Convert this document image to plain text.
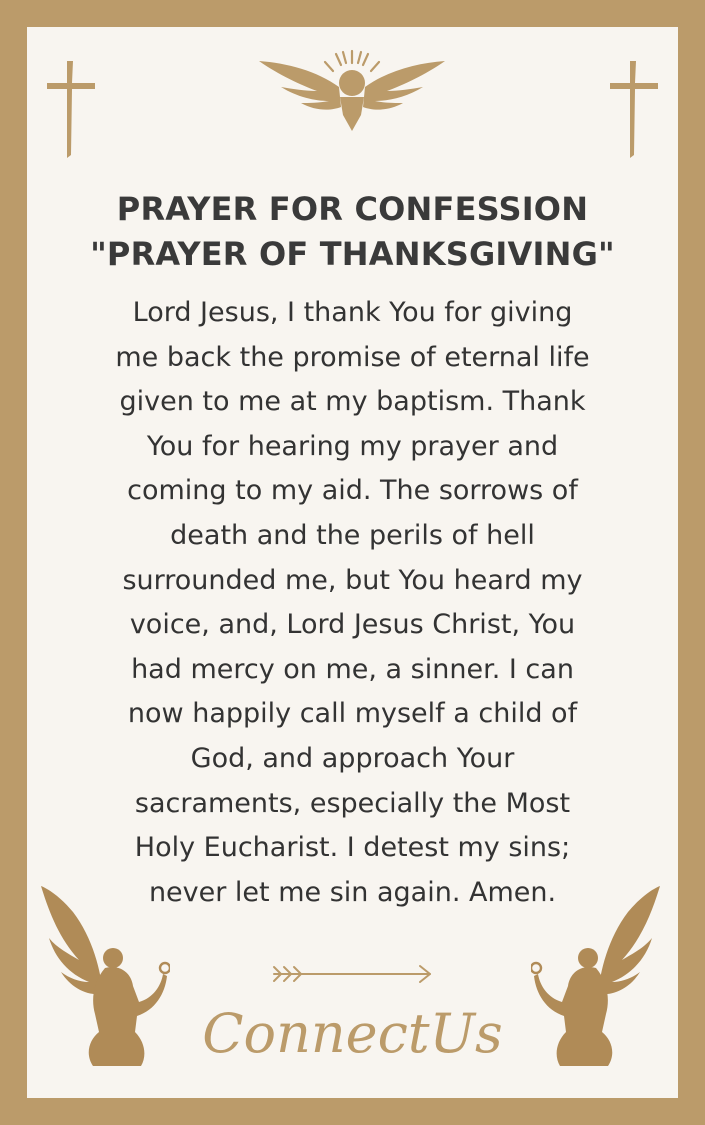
PRAYER FOR CONFESSION
"PRAYER OF THANKSGIVING"
Lord Jesus, I thank You for giving
me back the promise of eternal life
given to me at my baptism. Thank
You for hearing my prayer and
coming to my aid. The sorrows of
death and the perils of hell
surrounded me, but You heard my
voice, and, Lord Jesus Christ, You
had mercy on me, a sinner. I can
now happily call myself a child of
God, and approach Your
sacraments, especially the Most
Holy Eucharist. I detest my sins;
never let me sin again. Amen.
ConnectUs
